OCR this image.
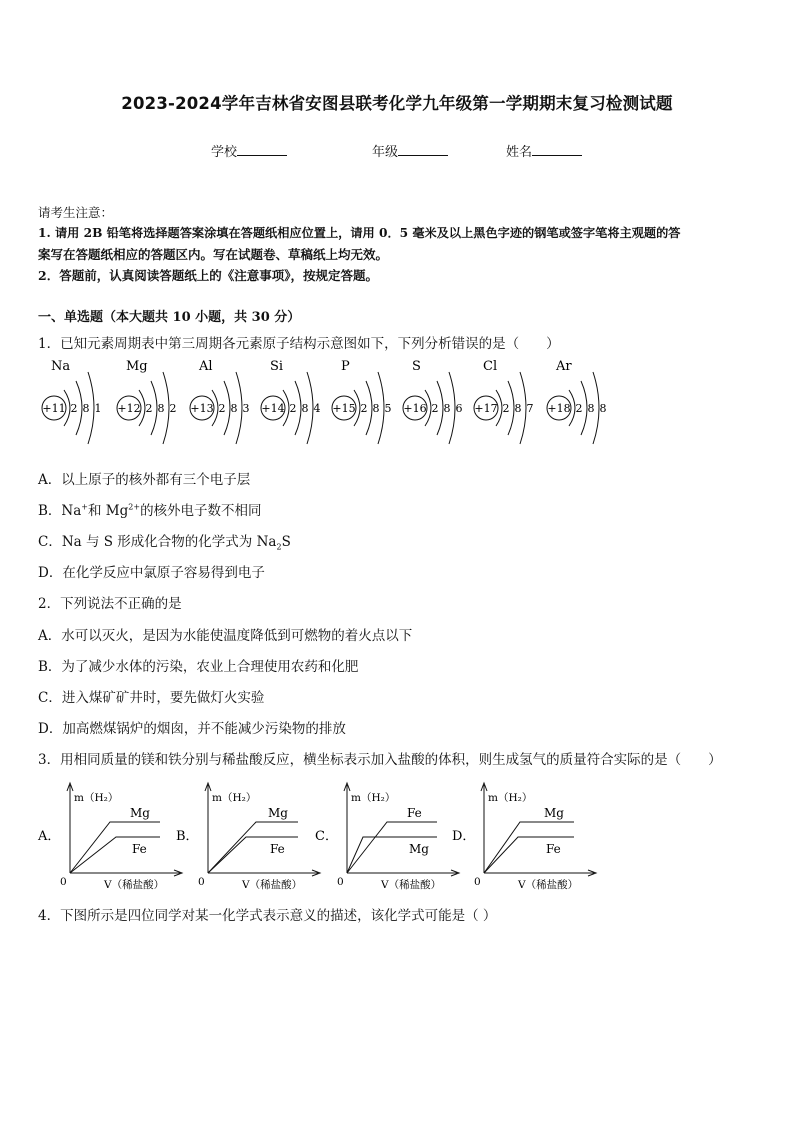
2023-2024学年吉林省安图县联考化学九年级第一学期期末复习检测试题
学校	年级	姓名
请考生注意：
1. 请用 2B 铅笔将选择题答案涂填在答题纸相应位置上，请用 0．5 毫米及以上黑色字迹的钢笔或签字笔将主观题的答
案写在答题纸相应的答题区内。写在试题卷、草稿纸上均无效。
2．答题前，认真阅读答题纸上的《注意事项》，按规定答题。
一、单选题（本大题共 10 小题，共 30 分）
1．已知元素周期表中第三周期各元素原子结构示意图如下，下列分析错误的是（　　）
Na
+11 2 8 1
Mg
+12 2 8 2
Al
+13 2 8 3
Si
+14 2 8 4
P
+15 2 8 5
S
+16 2 8 6
Cl
+17 2 8 7
Ar
+18 2 8 8
A．以上原子的核外都有三个电子层
B．Na+和 $Mg^{2+}$的核外电子数不相同
C．Na 与 S 形成化合物的化学式为 $Na_2S$
D．在化学反应中氯原子容易得到电子
2．下列说法不正确的是
A．水可以灭火，是因为水能使温度降低到可燃物的着火点以下
B．为了减少水体的污染，农业上合理使用农药和化肥
C．进入煤矿矿井时，要先做灯火实验
D．加高燃煤锅炉的烟囱，并不能减少污染物的排放
3．用相同质量的镁和铁分别与稀盐酸反应，横坐标表示加入盐酸的体积，则生成氢气的质量符合实际的是（　　）
A．
m（H₂）
V（稀盐酸）
0
Mg
Fe
B．
m（H₂）
V（稀盐酸）
0
Mg
Fe
C．
m（H₂）
V（稀盐酸）
0
Fe
Mg
D．
m（H₂）
V（稀盐酸）
0
Mg
Fe
4．下图所示是四位同学对某一化学式表示意义的描述，该化学式可能是（ ）
